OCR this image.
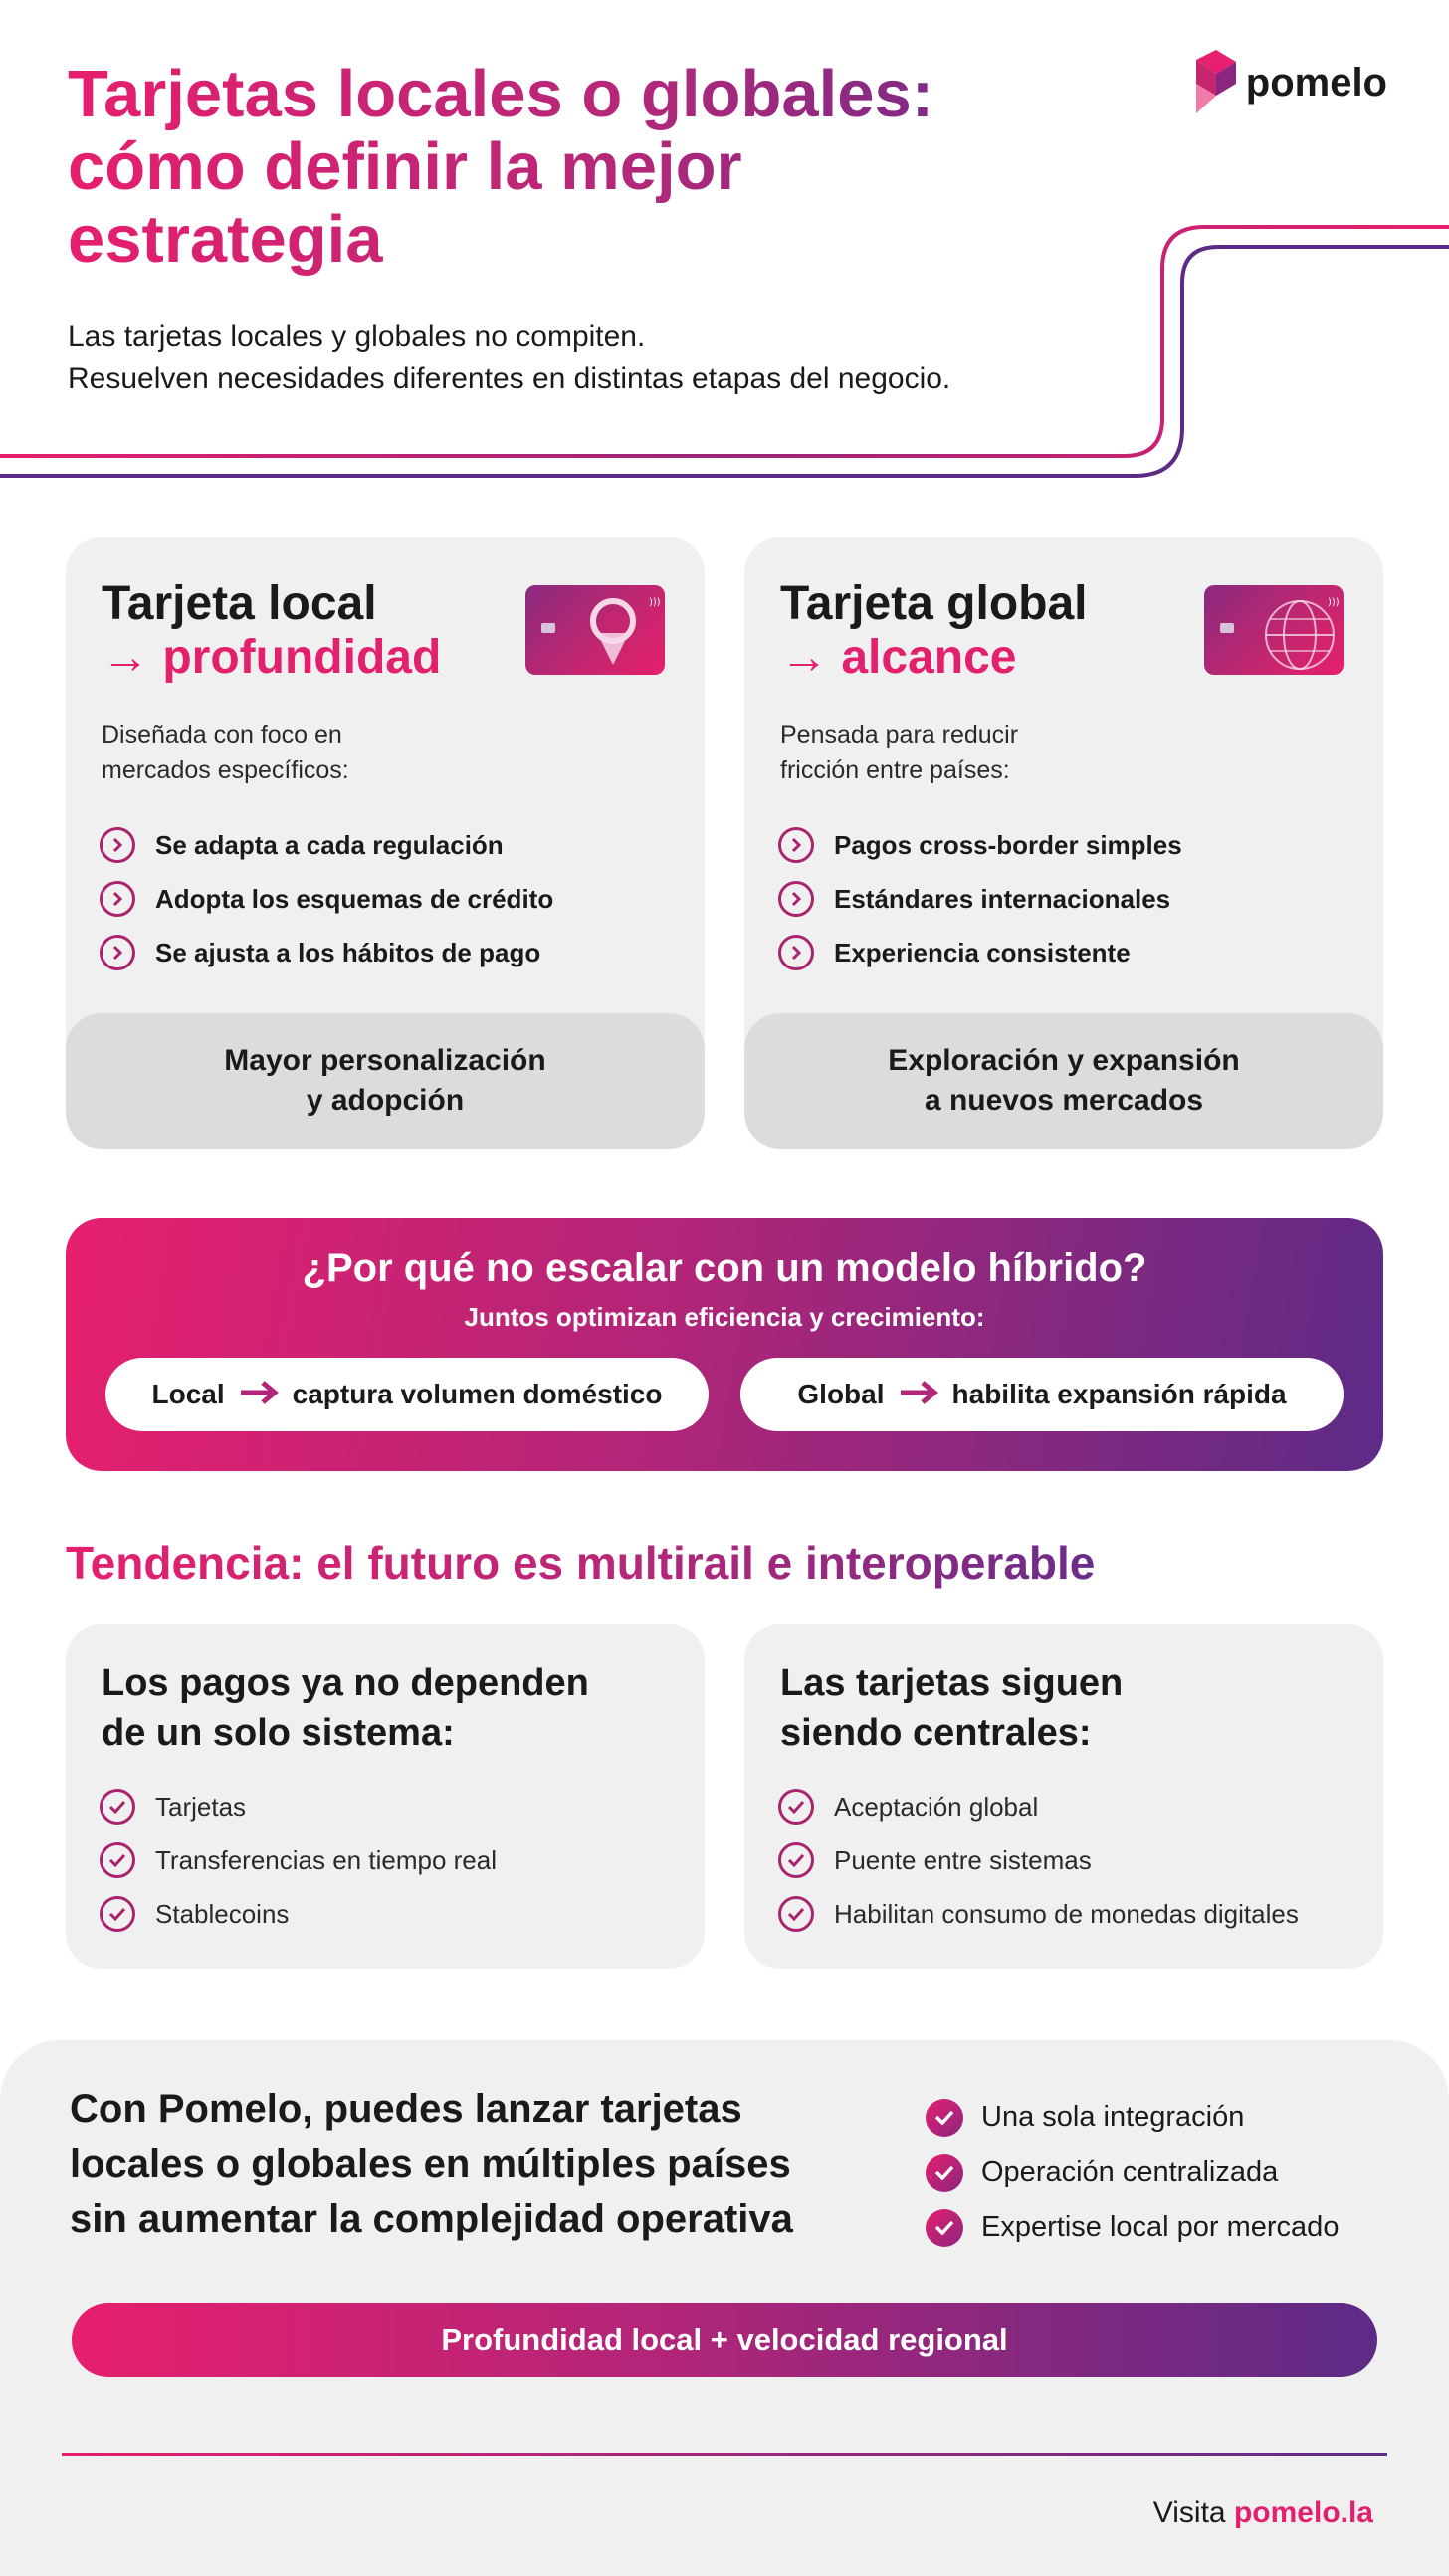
Tarjetas locales o globales:
cómo definir la mejor
estrategia
pomelo
Las tarjetas locales y globales no compiten.
Resuelven necesidades diferentes en distintas etapas del negocio.
Tarjeta local
→ profundidad
)))
Diseñada con foco en
mercados específicos:
Se adapta a cada regulación
Adopta los esquemas de crédito
Se ajusta a los hábitos de pago
Mayor personalización
y adopción
Tarjeta global
→ alcance
)))
Pensada para reducir
fricción entre países:
Pagos cross-border simples
Estándares internacionales
Experiencia consistente
Exploración y expansión
a nuevos mercados
¿Por qué no escalar con un modelo híbrido?
Juntos optimizan eficiencia y crecimiento:
Local captura volumen doméstico	Global habilita expansión rápida
Tendencia: el futuro es multirail e interoperable
Los pagos ya no dependen
de un solo sistema:
Tarjetas
Transferencias en tiempo real
Stablecoins
Las tarjetas siguen
siendo centrales:
Aceptación global
Puente entre sistemas
Habilitan consumo de monedas digitales
Con Pomelo, puedes lanzar tarjetas
locales o globales en múltiples países
sin aumentar la complejidad operativa
Una sola integración
Operación centralizada
Expertise local por mercado
Profundidad local + velocidad regional
Visita pomelo.la
